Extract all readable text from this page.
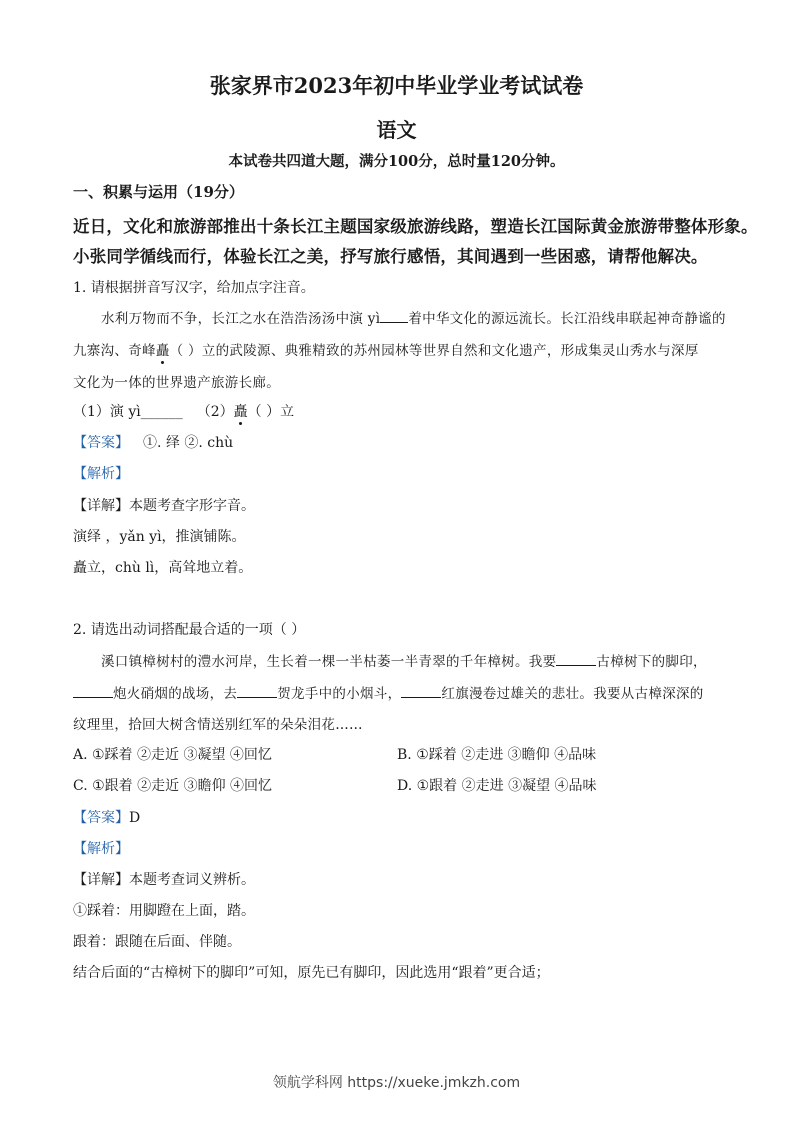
张家界市2023年初中毕业学业考试试卷
语文
本试卷共四道大题，满分100分，总时量120分钟。
一、积累与运用（19分）
近日，文化和旅游部推出十条长江主题国家级旅游线路，塑造长江国际黄金旅游带整体形象。
小张同学循线而行，体验长江之美，抒写旅行感悟，其间遇到一些困惑，请帮他解决。
1. 请根据拼音写汉字，给加点字注音。
水利万物而不争，长江之水在浩浩汤汤中演 yì 着中华文化的源远流长。长江沿线串联起神奇静谧的
九寨沟、奇峰矗（ ）立的武陵源、典雅精致的苏州园林等世界自然和文化遗产，形成集灵山秀水与深厚
文化为一体的世界遗产旅游长廊。
（1）演 yì______ （2）矗（ ）立
【答案】 ①. 绎 ②. chù
【解析】
【详解】本题考查字形字音。
演绎 ，yǎn yì，推演铺陈。
矗立，chù lì，高耸地立着。
2. 请选出动词搭配最合适的一项（ ）
溪口镇樟树村的澧水河岸，生长着一棵一半枯萎一半青翠的千年樟树。我要	古樟树下的脚印，
炮火硝烟的战场，去	贺龙手中的小烟斗，	红旗漫卷过雄关的悲壮。我要从古樟深深的
纹理里，拾回大树含情送别红军的朵朵泪花……
A. ①踩着 ②走近 ③凝望 ④回忆	B. ①踩着 ②走进 ③瞻仰 ④品味
C. ①跟着 ②走近 ③瞻仰 ④回忆	D. ①跟着 ②走进 ③凝望 ④品味
【答案】D
【解析】
【详解】本题考查词义辨析。
①踩着：用脚蹬在上面，踏。
跟着：跟随在后面、伴随。
结合后面的“古樟树下的脚印”可知，原先已有脚印，因此选用“跟着”更合适；
领航学科网 https://xueke.jmkzh.com
